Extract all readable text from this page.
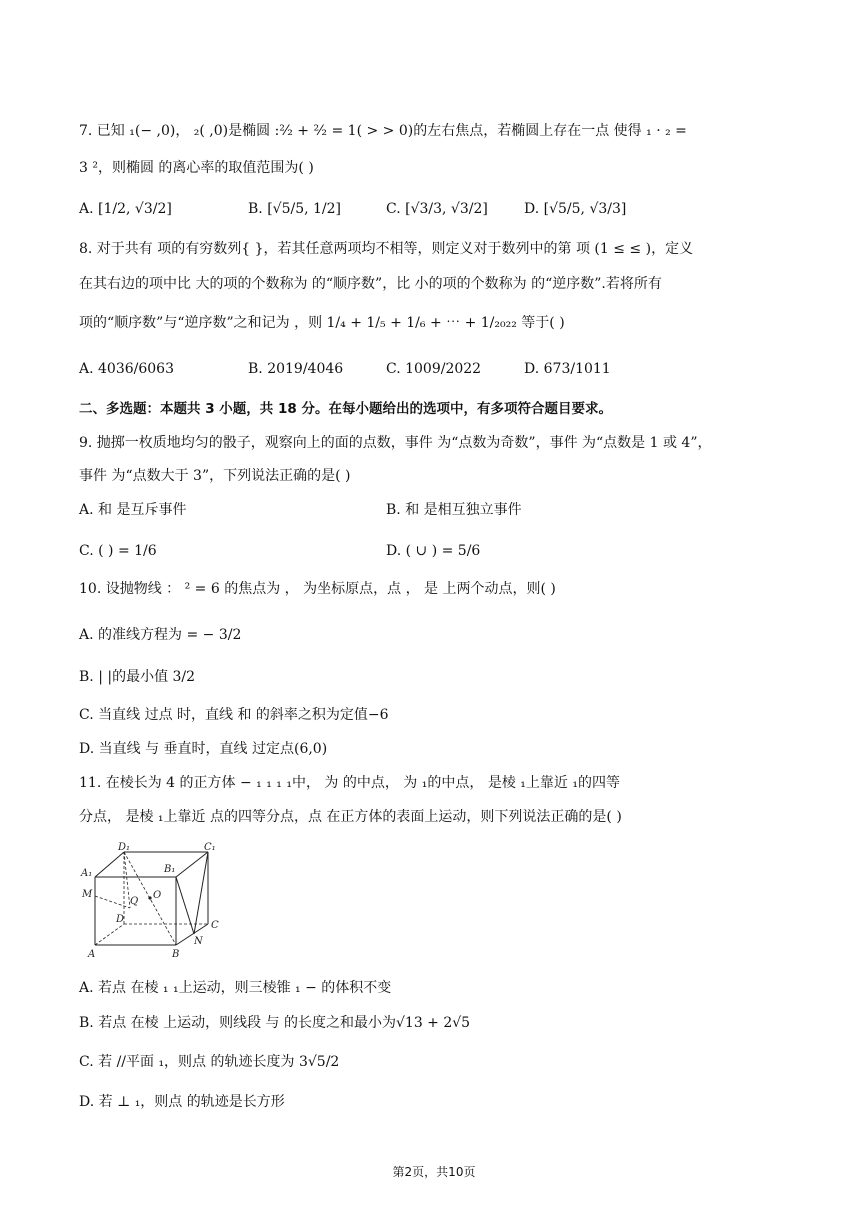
7. 已知 ₁(− ,0)， ₂( ,0)是椭圆 :²⁄₂ + ²⁄₂ = 1( > > 0)的左右焦点，若椭圆上存在一点 使得 ₁ · ₂ =
3 ²，则椭圆 的离心率的取值范围为( )
A. [1/2, √3/2]	B. [√5/5, 1/2]	C. [√3/3, √3/2]	D. [√5/5, √3/3]
8. 对于共有 项的有穷数列{ }，若其任意两项均不相等，则定义对于数列中的第 项 (1 ≤ ≤ )，定义
在其右边的项中比 大的项的个数称为 的“顺序数”，比 小的项的个数称为 的“逆序数”.若将所有
项的“顺序数”与“逆序数”之和记为 ，则 1/₄ + 1/₅ + 1/₆ + ⋯ + 1/₂₀₂₂ 等于( )
A. 4036/6063	B. 2019/4046	C. 1009/2022	D. 673/1011
二、多选题：本题共 3 小题，共 18 分。在每小题给出的选项中，有多项符合题目要求。
9. 抛掷一枚质地均匀的骰子，观察向上的面的点数，事件 为“点数为奇数”，事件 为“点数是 1 或 4”，
事件 为“点数大于 3”，下列说法正确的是( )
A. 和 是互斥事件	B. 和 是相互独立事件
C. ( ) = 1/6	D. ( ∪ ) = 5/6
10. 设抛物线 ： ² = 6 的焦点为 ， 为坐标原点，点 ， 是 上两个动点，则( )
A. 的准线方程为 = − 3/2
B. | |的最小值 3/2
C. 当直线 过点 时，直线 和 的斜率之积为定值−6
D. 当直线 与 垂直时，直线 过定点(6,0)
11. 在棱长为 4 的正方体 − ₁ ₁ ₁ ₁中， 为 的中点， 为 ₁的中点， 是棱 ₁上靠近 ₁的四等
分点， 是棱 ₁上靠近 点的四等分点，点 在正方体的表面上运动，则下列说法正确的是( )
D₁	C₁
A₁	B₁
M
Q
O
D
C
A	B
N
A. 若点 在棱 ₁ ₁上运动，则三棱锥 ₁ − 的体积不变
B. 若点 在棱 上运动，则线段 与 的长度之和最小为√13 + 2√5
C. 若 //平面 ₁，则点 的轨迹长度为 3√5/2
D. 若 ⊥ ₁，则点 的轨迹是长方形
第2页，共10页
